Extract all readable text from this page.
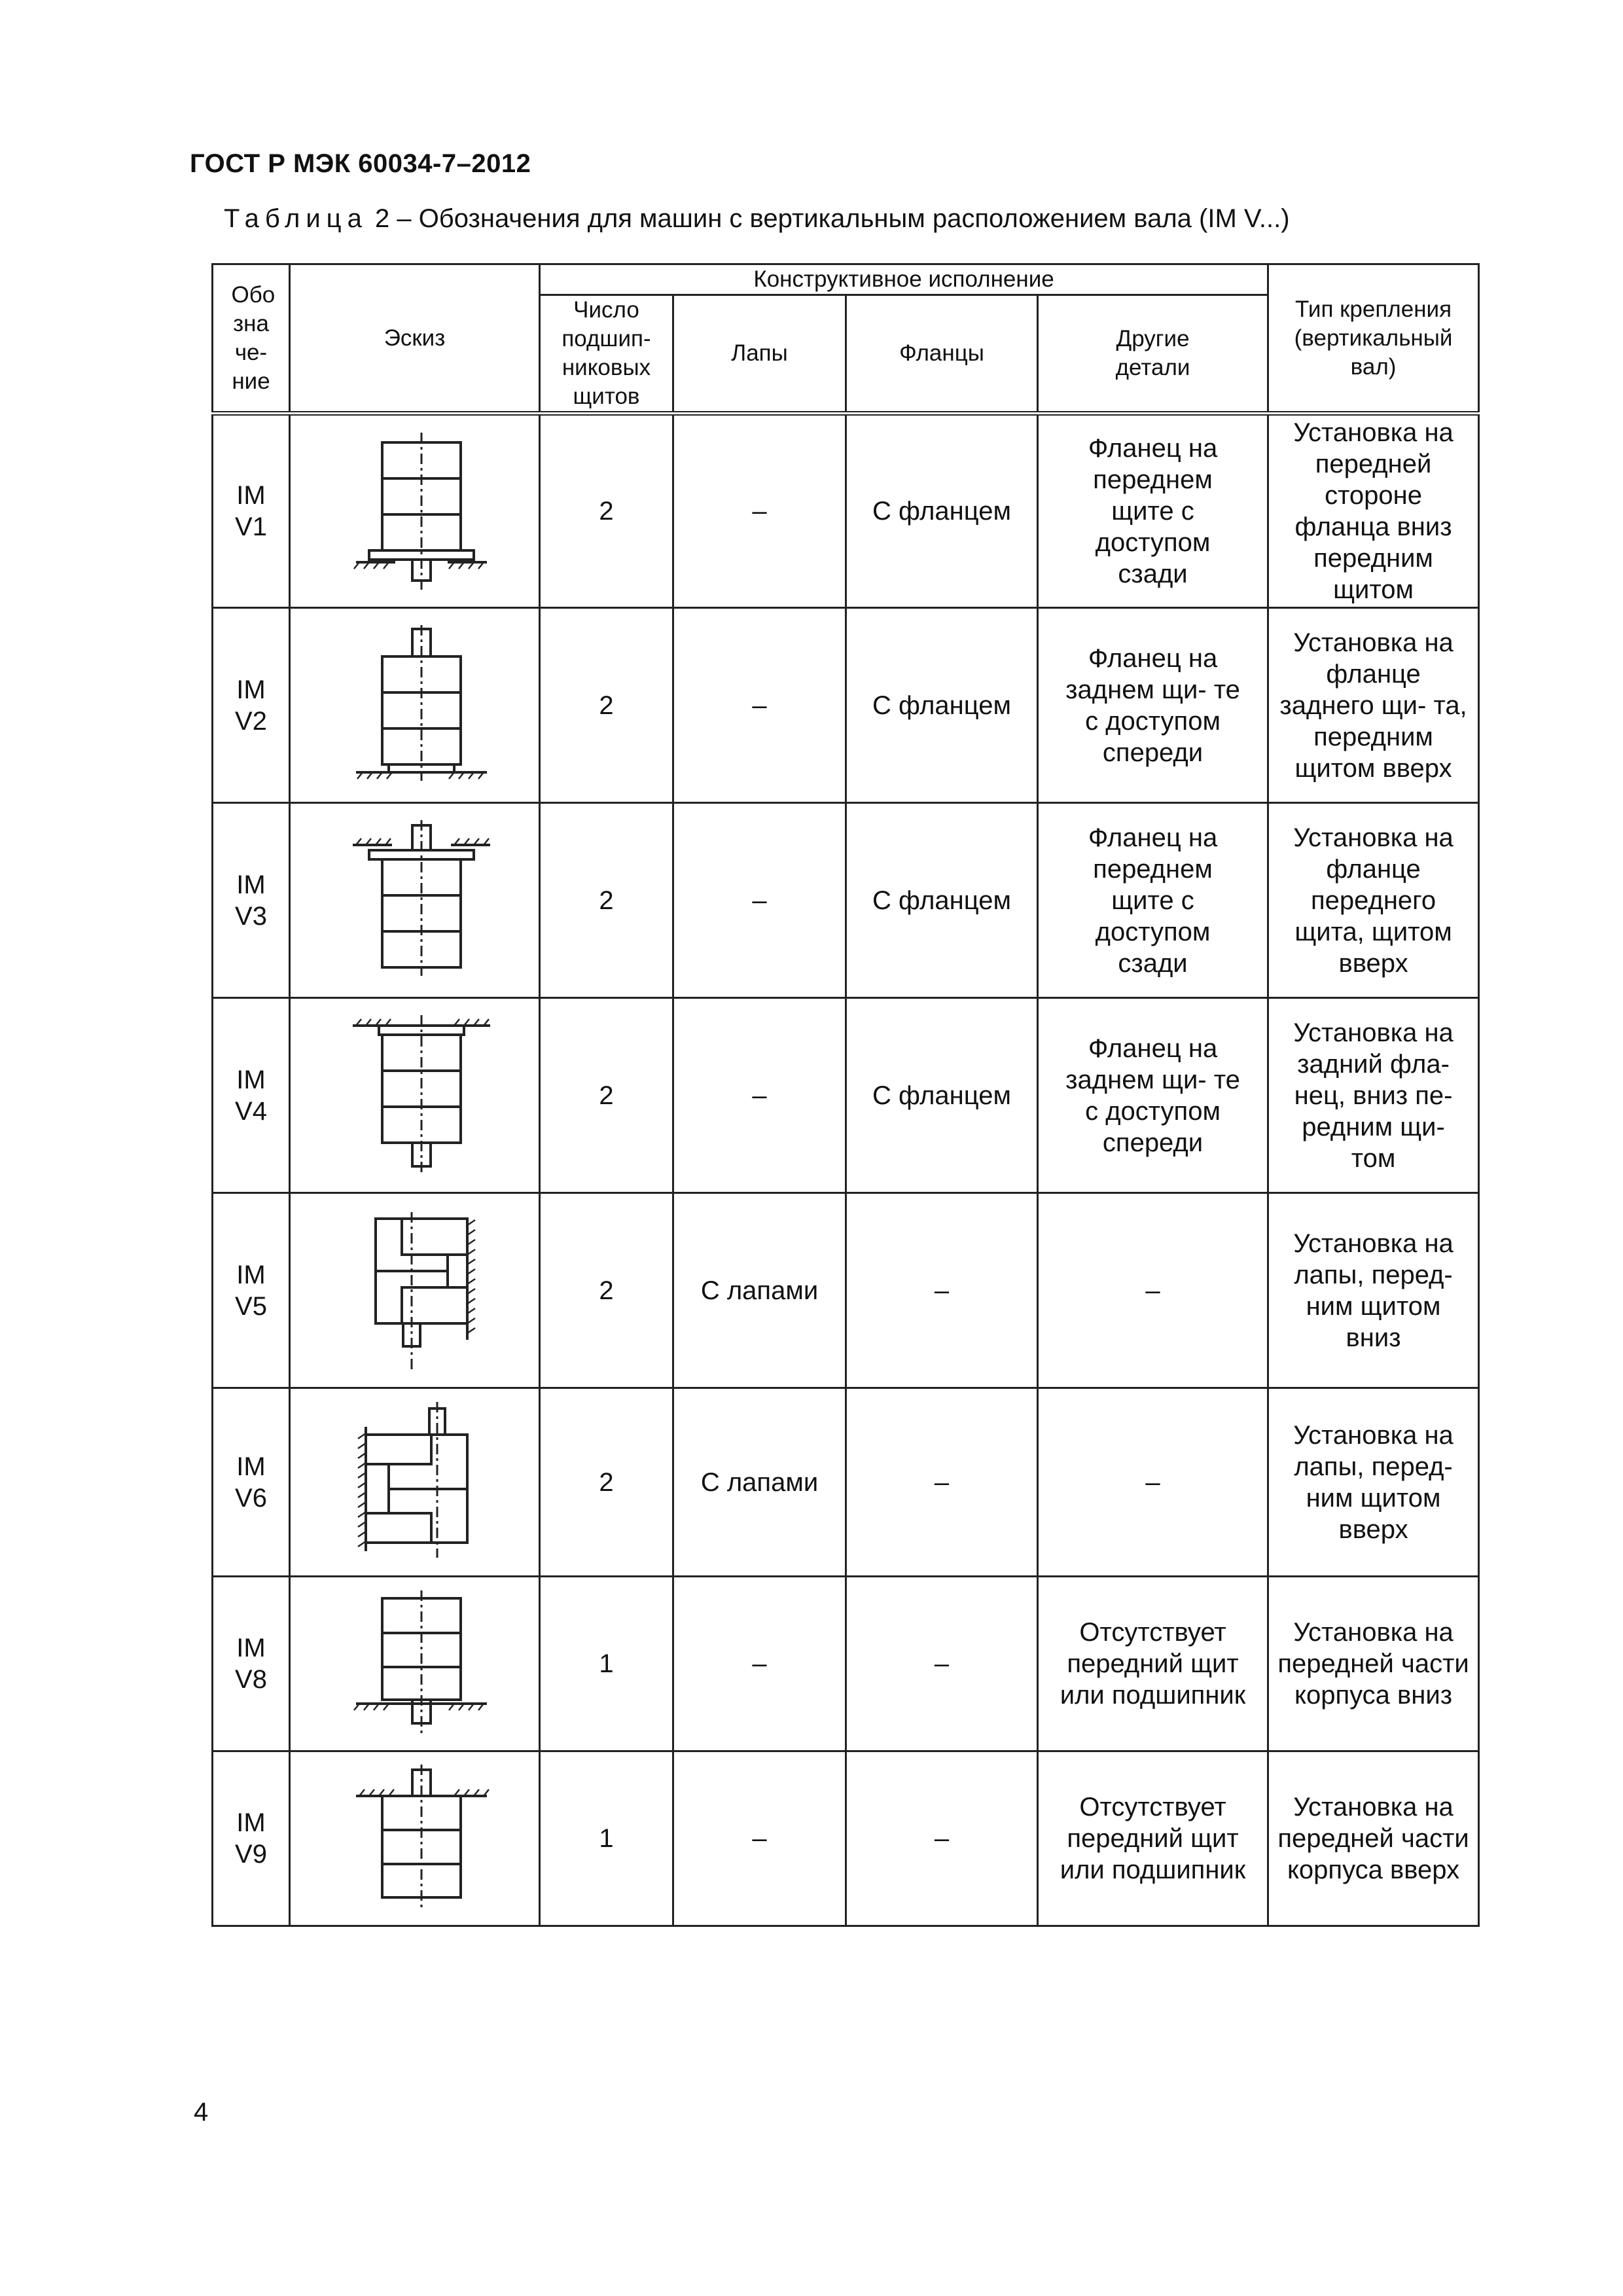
ГОСТ Р МЭК 60034-7–2012
Таблица 2 – Обозначения для машин с вертикальным расположением вала (IM V...)
Обо зна че- ние	Эскиз	Конструктивное исполнение				Тип крепления (вертикальный вал)

		Число подшип- никовых щитов	Лапы	Фланцы	Другие детали	

IM V1		2	–	С фланцем	Фланец на переднем щите с доступом сзади	Установка на передней стороне фланца вниз передним щитом

IM V2		2	–	С фланцем	Фланец на заднем щи- те с доступом спереди	Установка на фланце заднего щи- та, передним щитом вверх

IM V3		2	–	С фланцем	Фланец на переднем щите с доступом сзади	Установка на фланце переднего щита, щитом вверх

IM V4		2	–	С фланцем	Фланец на заднем щи- те с доступом спереди	Установка на задний фла- нец, вниз пе- редним щи- том

IM V5		2	С лапами	–	–	Установка на лапы, перед- ним щитом вниз

IM V6		2	С лапами	–	–	Установка на лапы, перед- ним щитом вверх

IM V8		1	–	–	Отсутствует передний щит или подшипник	Установка на передней части корпуса вниз

IM V9		1	–	–	Отсутствует передний щит или подшипник	Установка на передней части корпуса вверх
4
